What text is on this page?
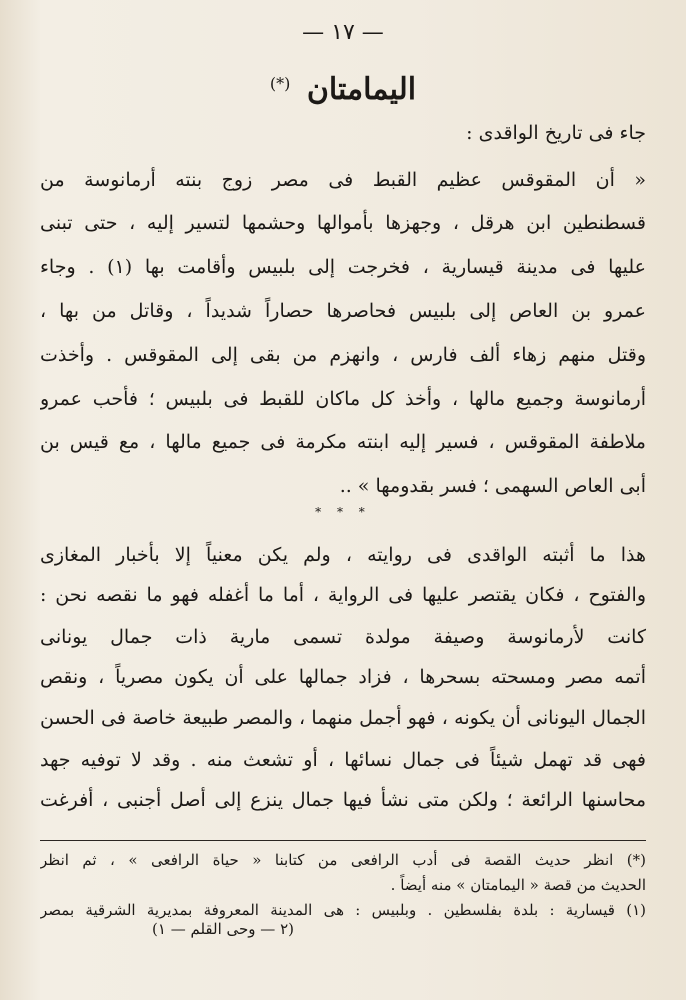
— ١٧ —
(*) اليمامتان
جاء فى تاريخ الواقدى :
« أن المقوقس عظيم القبط فى مصر زوج بنته أرمانوسة من
قسطنطين ابن هرقل ، وجهزها بأموالها وحشمها لتسير إليه ، حتى تبنى
عليها فى مدينة قيسارية ، فخرجت إلى بلبيس وأقامت بها (١) . وجاء
عمرو بن العاص إلى بلبيس فحاصرها حصاراً شديداً ، وقاتل من بها ،
وقتل منهم زهاء ألف فارس ، وانهزم من بقى إلى المقوقس . وأخذت
أرمانوسة وجميع مالها ، وأخذ كل ماكان للقبط فى بلبيس ؛ فأحب عمرو
ملاطفة المقوقس ، فسير إليه ابنته مكرمة فى جميع مالها ، مع قيس بن
أبى العاص السهمى ؛ فسر بقدومها » ..
* * *
هذا ما أثبته الواقدى فى روايته ، ولم يكن معنياً إلا بأخبار المغازى
والفتوح ، فكان يقتصر عليها فى الرواية ، أما ما أغفله فهو ما نقصه نحن :
كانت لأرمانوسة وصيفة مولدة تسمى مارية ذات جمال يونانى
أتمه مصر ومسحته بسحرها ، فزاد جمالها على أن يكون مصرياً ، ونقص
الجمال اليونانى أن يكونه ، فهو أجمل منهما ، والمصر طبيعة خاصة فى الحسن
فهى قد تهمل شيئاً فى جمال نسائها ، أو تشعث منه . وقد لا توفيه جهد
محاسنها الرائعة ؛ ولكن متى نشأ فيها جمال ينزع إلى أصل أجنبى ، أفرغت
(*) انظر حديث القصة فى أدب الرافعى من كتابنا « حياة الرافعى » ، ثم انظر
الحديث من قصة « اليمامتان » منه أيضاً .
(١) قيسارية : بلدة بفلسطين . وبلبيس : هى المدينة المعروفة بمديرية الشرقية بمصر
(٢ — وحى القلم — ١)
